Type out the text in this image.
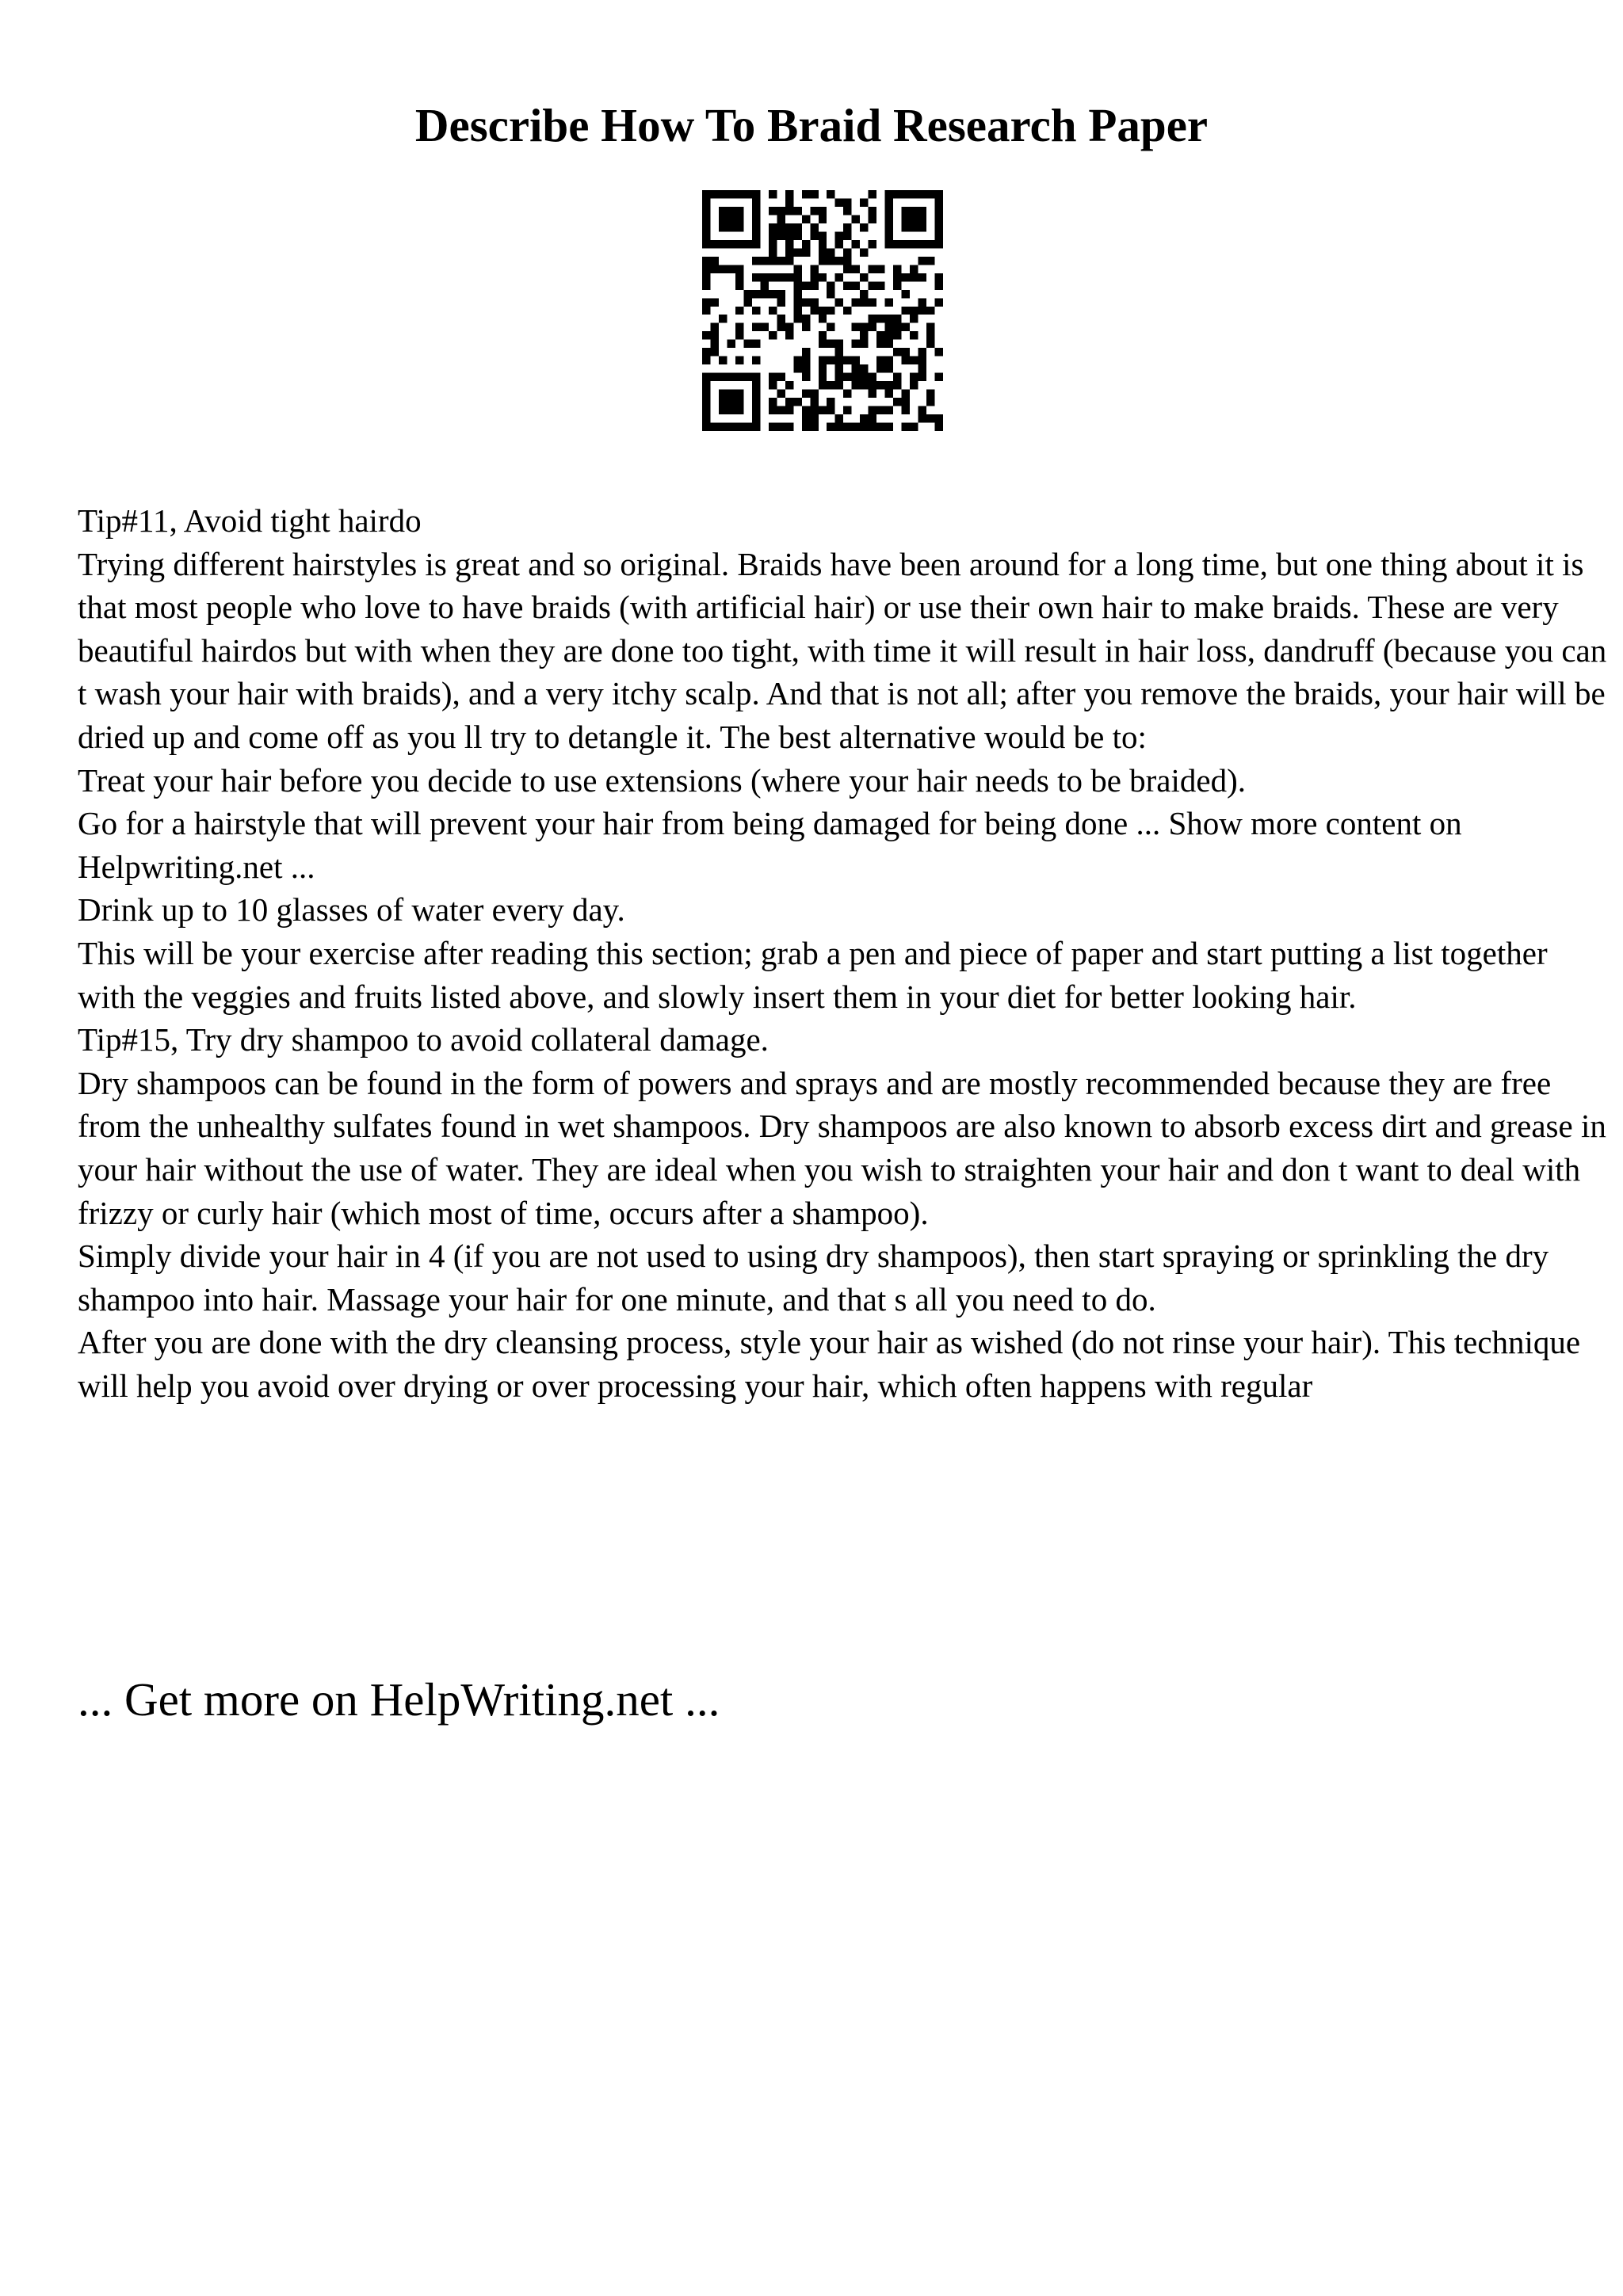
Describe How To Braid Research Paper

Tip#11, Avoid tight hairdo

Trying different hairstyles is great and so original. Braids have been around for a long time, but one thing about it is that most people who love to have braids (with artificial hair) or use their own hair to make braids. These are very beautiful hairdos but with when they are done too tight, with time it will result in hair loss, dandruff (because you can t wash your hair with braids), and a very itchy scalp. And that is not all; after you remove the braids, your hair will be dried up and come off as you ll try to detangle it. The best alternative would be to:

Treat your hair before you decide to use extensions (where your hair needs to be braided).

Go for a hairstyle that will prevent your hair from being damaged for being done ... Show more content on Helpwriting.net ...

Drink up to 10 glasses of water every day.

This will be your exercise after reading this section; grab a pen and piece of paper and start putting a list together with the veggies and fruits listed above, and slowly insert them in your diet for better looking hair.

Tip#15, Try dry shampoo to avoid collateral damage.

Dry shampoos can be found in the form of powers and sprays and are mostly recommended because they are free from the unhealthy sulfates found in wet shampoos. Dry shampoos are also known to absorb excess dirt and grease in your hair without the use of water. They are ideal when you wish to straighten your hair and don t want to deal with frizzy or curly hair (which most of time, occurs after a shampoo).

Simply divide your hair in 4 (if you are not used to using dry shampoos), then start spraying or sprinkling the dry shampoo into hair. Massage your hair for one minute, and that s all you need to do.

After you are done with the dry cleansing process, style your hair as wished (do not rinse your hair). This technique will help you avoid over drying or over processing your hair, which often happens with regular

... Get more on HelpWriting.net ...
